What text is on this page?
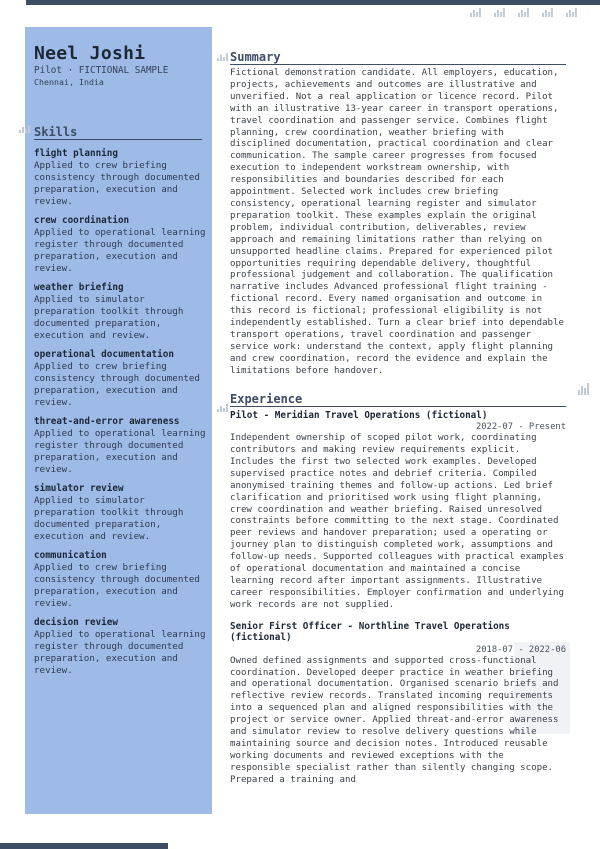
Neel Joshi
Pilot · FICTIONAL SAMPLE
Chennai, India
Skills
flight planning
Applied to crew briefing consistency through documented preparation, execution and review.
crew coordination
Applied to operational learning register through documented preparation, execution and review.
weather briefing
Applied to simulator preparation toolkit through documented preparation, execution and review.
operational documentation
Applied to crew briefing consistency through documented preparation, execution and review.
threat-and-error awareness
Applied to operational learning register through documented preparation, execution and review.
simulator review
Applied to simulator preparation toolkit through documented preparation, execution and review.
communication
Applied to crew briefing consistency through documented preparation, execution and review.
decision review
Applied to operational learning register through documented preparation, execution and review.
Summary

Fictional demonstration candidate. All employers, education, projects, achievements and outcomes are illustrative and unverified. Not a real application or licence record. Pilot with an illustrative 13-year career in transport operations, travel coordination and passenger service. Combines flight planning, crew coordination, weather briefing with disciplined documentation, practical coordination and clear communication. The sample career progresses from focused execution to independent workstream ownership, with responsibilities and boundaries described for each appointment. Selected work includes crew briefing consistency, operational learning register and simulator preparation toolkit. These examples explain the original problem, individual contribution, deliverables, review approach and remaining limitations rather than relying on unsupported headline claims. Prepared for experienced pilot opportunities requiring dependable delivery, thoughtful professional judgement and collaboration. The qualification narrative includes Advanced professional flight training - fictional record. Every named organisation and outcome in this record is fictional; professional eligibility is not independently established. Turn a clear brief into dependable transport operations, travel coordination and passenger service work: understand the context, apply flight planning and crew coordination, record the evidence and explain the limitations before handover.

Experience
Pilot - Meridian Travel Operations (fictional)
2022-07 - Present

Independent ownership of scoped pilot work, coordinating contributors and making review requirements explicit. Includes the first two selected work examples. Developed supervised practice notes and debrief criteria. Compiled anonymised training themes and follow-up actions. Led brief clarification and prioritised work using flight planning, crew coordination and weather briefing. Raised unresolved constraints before committing to the next stage. Coordinated peer reviews and handover preparation; used a operating or journey plan to distinguish completed work, assumptions and follow-up needs. Supported colleagues with practical examples of operational documentation and maintained a concise learning record after important assignments. Illustrative career responsibilities. Employer confirmation and underlying work records are not supplied.

Senior First Officer - Northline Travel Operations (fictional)
2018-07 - 2022-06

Owned defined assignments and supported cross-functional coordination. Developed deeper practice in weather briefing and operational documentation. Organised scenario briefs and reflective review records. Translated incoming requirements into a sequenced plan and aligned responsibilities with the project or service owner. Applied threat-and-error awareness and simulator review to resolve delivery questions while maintaining source and decision notes. Introduced reusable working documents and reviewed exceptions with the responsible specialist rather than silently changing scope. Prepared a training and
